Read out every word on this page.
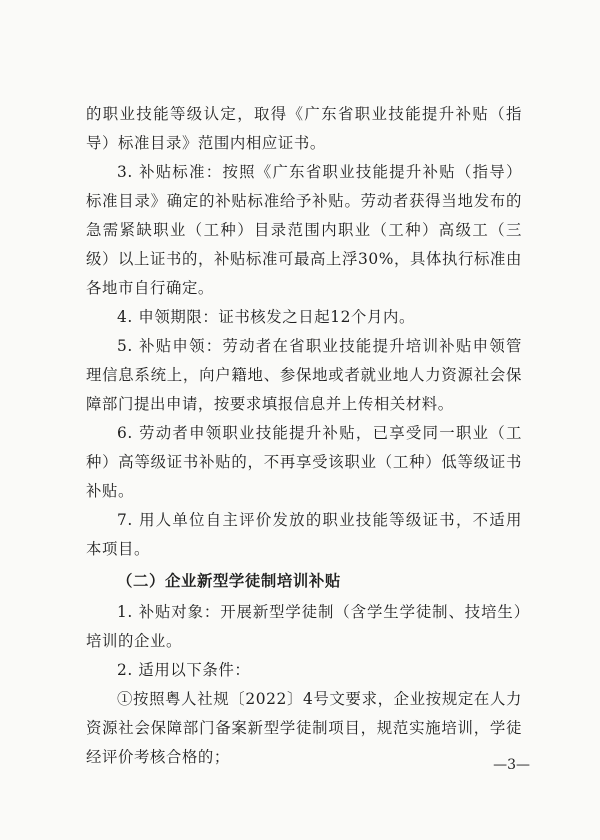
的职业技能等级认定，取得《广东省职业技能提升补贴（指导）标准目录》范围内相应证书。

3. 补贴标准：按照《广东省职业技能提升补贴（指导）标准目录》确定的补贴标准给予补贴。劳动者获得当地发布的急需紧缺职业（工种）目录范围内职业（工种）高级工（三级）以上证书的，补贴标准可最高上浮30%，具体执行标准由各地市自行确定。

4. 申领期限：证书核发之日起12个月内。

5. 补贴申领：劳动者在省职业技能提升培训补贴申领管理信息系统上，向户籍地、参保地或者就业地人力资源社会保障部门提出申请，按要求填报信息并上传相关材料。

6. 劳动者申领职业技能提升补贴，已享受同一职业（工种）高等级证书补贴的，不再享受该职业（工种）低等级证书补贴。

7. 用人单位自主评价发放的职业技能等级证书，不适用本项目。

（二）企业新型学徒制培训补贴

1. 补贴对象：开展新型学徒制（含学生学徒制、技培生）培训的企业。

2. 适用以下条件：

①按照粤人社规〔2022〕4号文要求，企业按规定在人力资源社会保障部门备案新型学徒制项目，规范实施培训，学徒经评价考核合格的；	—3—
